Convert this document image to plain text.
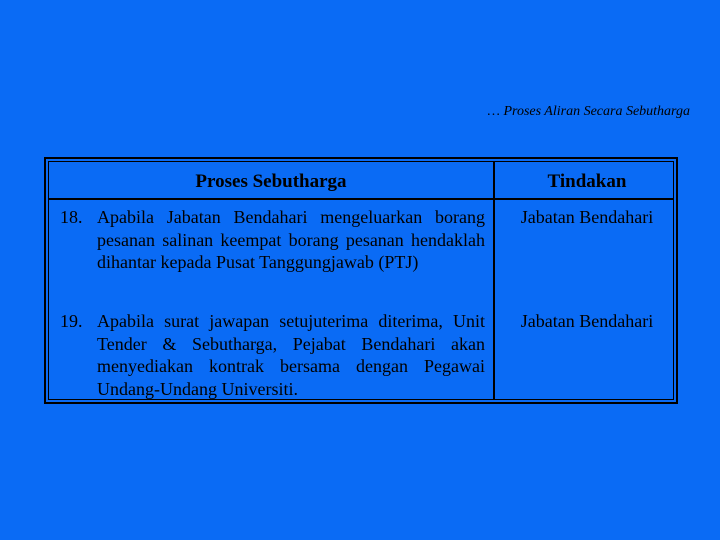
… Proses Aliran Secara Sebutharga
Proses Sebutharga	Tindakan
18. Apabila Jabatan Bendahari mengeluarkan borang pesanan salinan keempat borang pesanan hendaklah dihantar kepada Pusat Tanggungjawab (PTJ)
Jabatan Bendahari
19. Apabila surat jawapan setujuterima diterima, Unit Tender & Sebutharga, Pejabat Bendahari akan menyediakan kontrak bersama dengan Pegawai Undang-Undang Universiti.
Jabatan Bendahari
